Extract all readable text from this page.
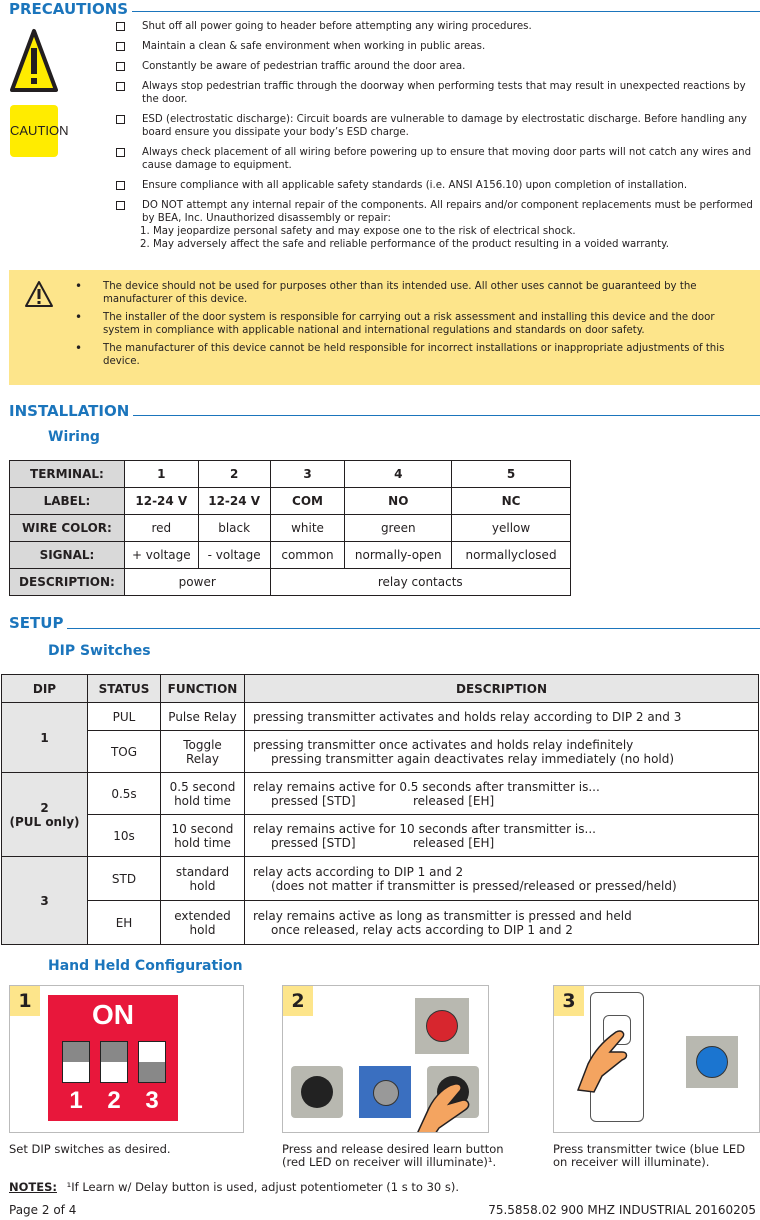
PRECAUTIONS
CAUTION
Shut off all power going to header before attempting any wiring procedures.
Maintain a clean & safe environment when working in public areas.
Constantly be aware of pedestrian traffic around the door area.
Always stop pedestrian traffic through the doorway when performing tests that may result in unexpected reactions by the door.
ESD (electrostatic discharge): Circuit boards are vulnerable to damage by electrostatic discharge. Before handling any board ensure you dissipate your body’s ESD charge.
Always check placement of all wiring before powering up to ensure that moving door parts will not catch any wires and cause damage to equipment.
Ensure compliance with all applicable safety standards (i.e. ANSI A156.10) upon completion of installation.
DO NOT attempt any internal repair of the components. All repairs and/or component replacements must be performed by BEA, Inc. Unauthorized disassembly or repair:
1. May jeopardize personal safety and may expose one to the risk of electrical shock.
2. May adversely affect the safe and reliable performance of the product resulting in a voided warranty.
• The device should not be used for purposes other than its intended use. All other uses cannot be guaranteed by the manufacturer of this device.
• The installer of the door system is responsible for carrying out a risk assessment and installing this device and the door system in compliance with applicable national and international regulations and standards on door safety.
• The manufacturer of this device cannot be held responsible for incorrect installations or inappropriate adjustments of this device.
INSTALLATION
Wiring
TERMINAL:	1	2	3	4	5
LABEL:	12-24 V	12-24 V	COM	NO	NC
WIRE COLOR:	red	black	white	green	yellow
SIGNAL:	+ voltage	- voltage	common	normally-open	normallyclosed
DESCRIPTION:	power		relay contacts		
SETUP
DIP Switches
DIP	STATUS	FUNCTION	DESCRIPTION
1	PUL	Pulse Relay	pressing transmitter activates and holds relay according to DIP 2 and 3
	TOG	Toggle Relay	pressing transmitter once activates and holds relay indefinitely
pressing transmitter again deactivates relay immediately (no hold)

2
(PUL only)	0.5s	0.5 second hold time	relay remains active for 0.5 seconds after transmitter is...
pressed [STD] released [EH]

	10s	10 second hold time	relay remains active for 10 seconds after transmitter is...
pressed [STD] released [EH]

3	STD	standard hold	relay acts according to DIP 1 and 2
(does not matter if transmitter is pressed/released or pressed/held)

	EH	extended hold	relay remains active as long as transmitter is pressed and held
once released, relay acts according to DIP 1 and 2
Hand Held Configuration
1	ON
1	2	3
2	3
Set DIP switches as desired.	Press and release desired learn button (red LED on receiver will illuminate)¹.
Press transmitter twice (blue LED on receiver will illuminate).
NOTES: ¹If Learn w/ Delay button is used, adjust potentiometer (1 s to 30 s).
Page 2 of 4	75.5858.02 900 MHZ INDUSTRIAL 20160205
